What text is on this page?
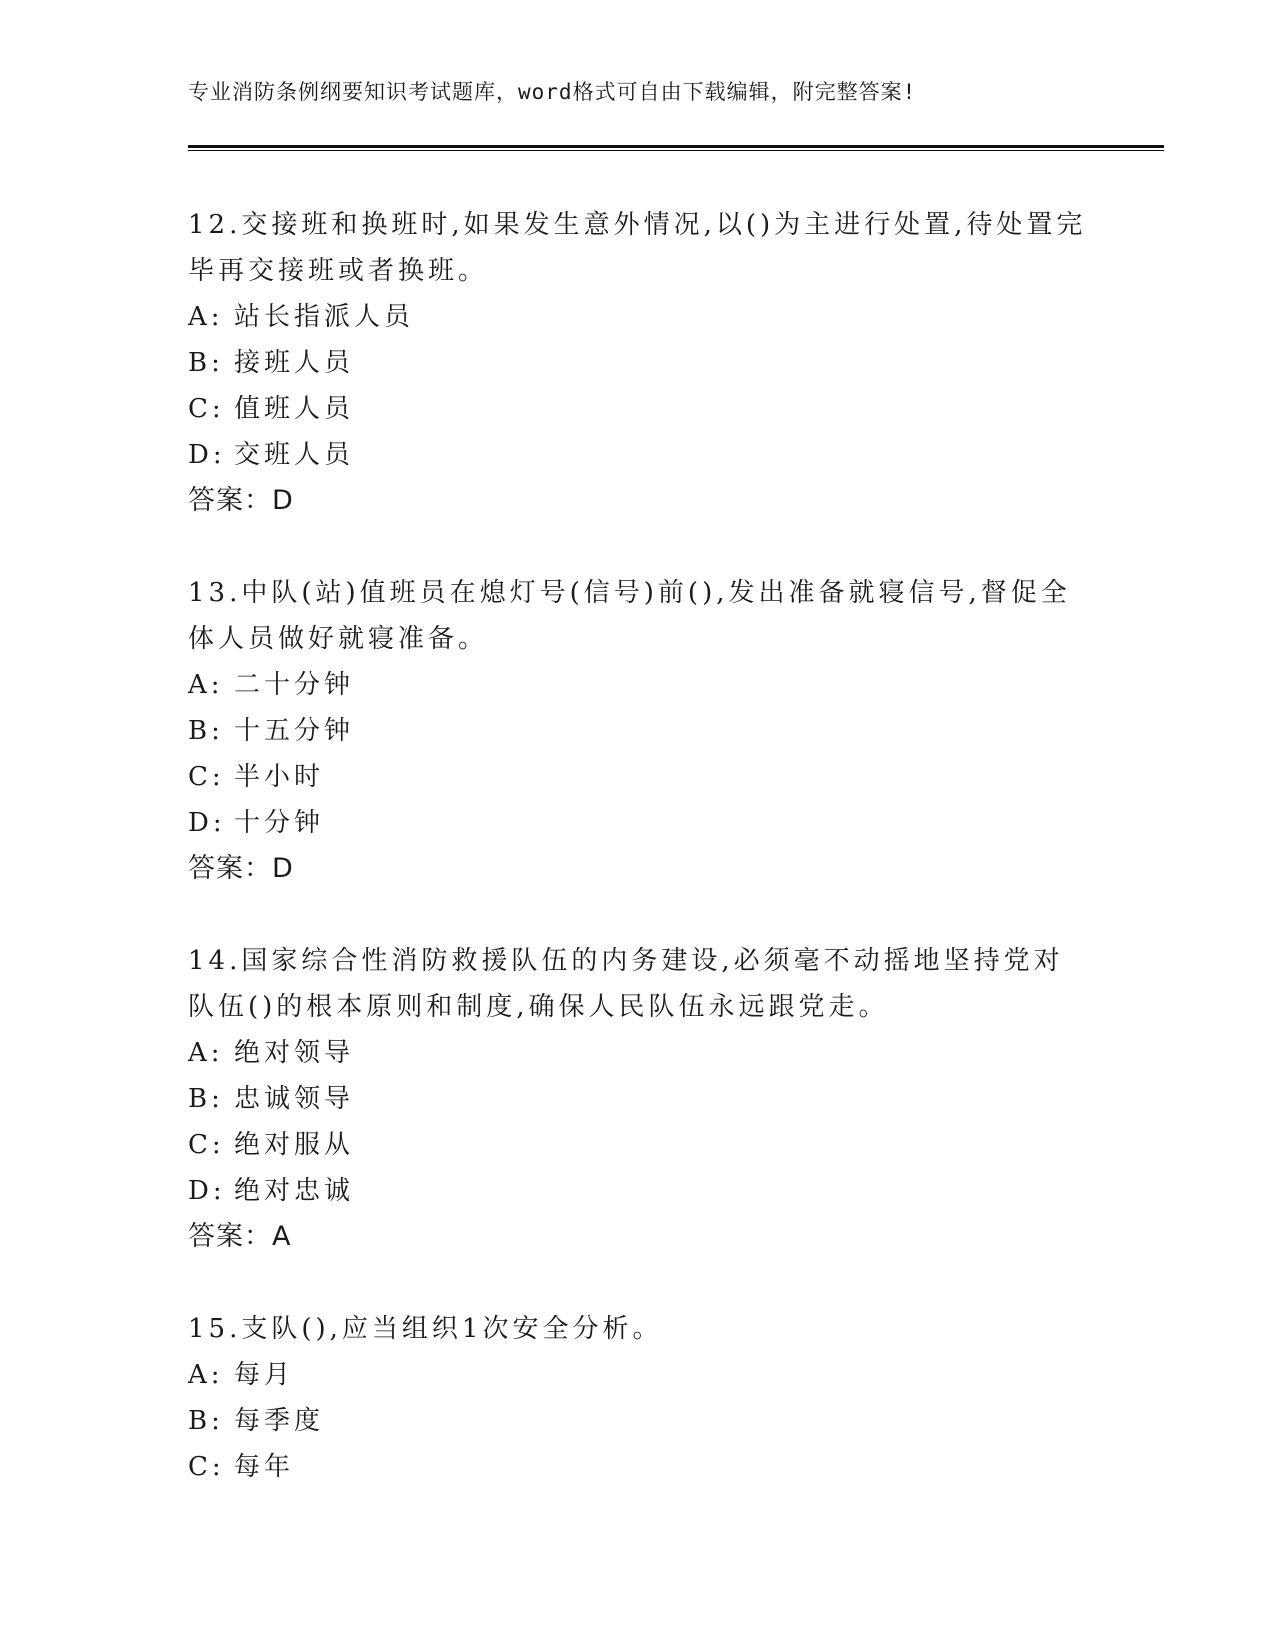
专业消防条例纲要知识考试题库，word格式可自由下载编辑，附完整答案!

12.交接班和换班时,如果发生意外情况,以()为主进行处置,待处置完毕再交接班或者换班。

A: 站长指派人员
B: 接班人员
C: 值班人员
D: 交班人员
答案：D

13.中队(站)值班员在熄灯号(信号)前(),发出准备就寝信号,督促全体人员做好就寝准备。

A: 二十分钟
B: 十五分钟
C: 半小时
D: 十分钟
答案：D

14.国家综合性消防救援队伍的内务建设,必须毫不动摇地坚持党对队伍()的根本原则和制度,确保人民队伍永远跟党走。

A: 绝对领导
B: 忠诚领导
C: 绝对服从
D: 绝对忠诚
答案：A

15.支队(),应当组织1次安全分析。

A: 每月
B: 每季度
C: 每年
